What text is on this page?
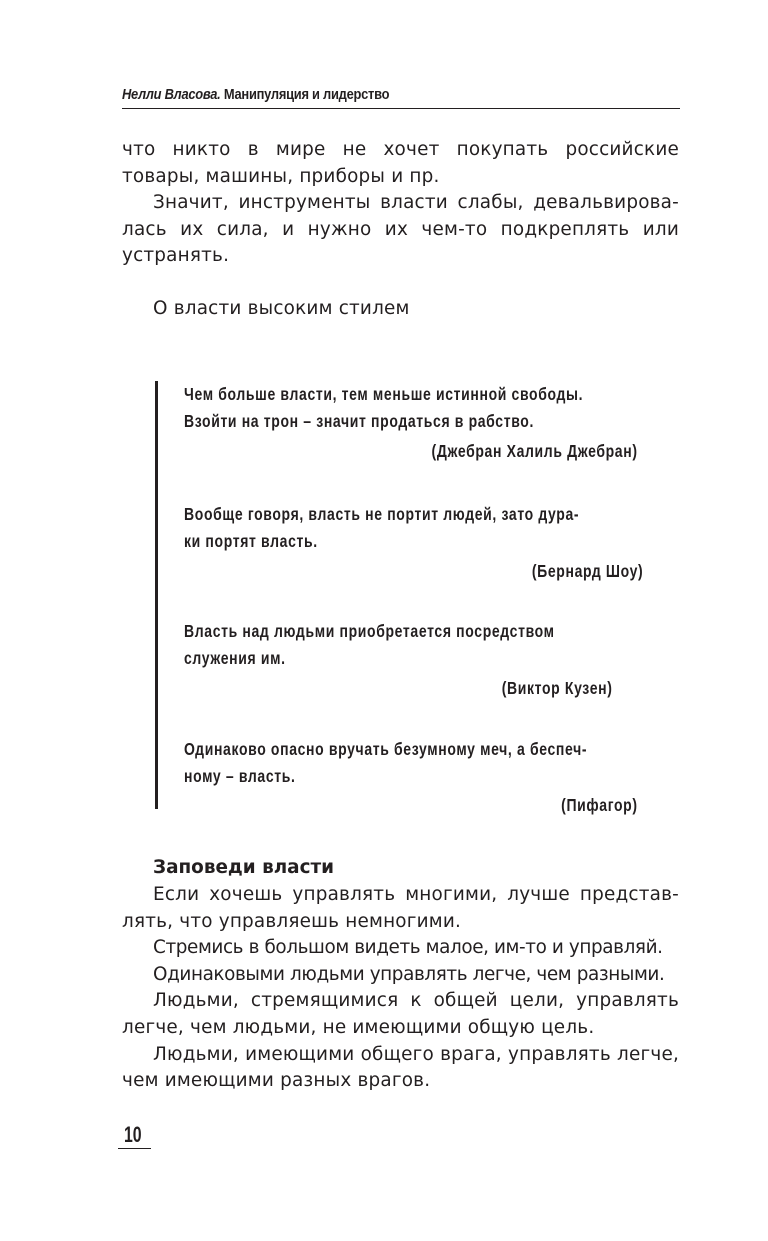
Нелли Власова. Манипуляция и лидерство

что никто в мире не хочет покупать российские

товары, машины, приборы и пр.

Значит, инструменты власти слабы, девальвирова-

лась их сила, и нужно их чем-то подкреплять или

устранять.

О власти высоким стилем

Чем больше власти, тем меньше истинной свободы.
Взойти на трон – значит продаться в рабство.
(Джебран Халиль Джебран)
Вообще говоря, власть не портит людей, зато дура-
ки портят власть.
(Бернард Шоу)
Власть над людьми приобретается посредством
служения им.
(Виктор Кузен)
Одинаково опасно вручать безумному меч, а беспеч-
ному – власть.
(Пифагор)
Заповеди власти

Если хочешь управлять многими, лучше представ-

лять, что управляешь немногими.

Стремись в большом видеть малое, им-то и управляй.

Одинаковыми людьми управлять легче, чем разными.

Людьми, стремящимися к общей цели, управлять

легче, чем людьми, не имеющими общую цель.

Людьми, имеющими общего врага, управлять легче,

чем имеющими разных врагов.

10
